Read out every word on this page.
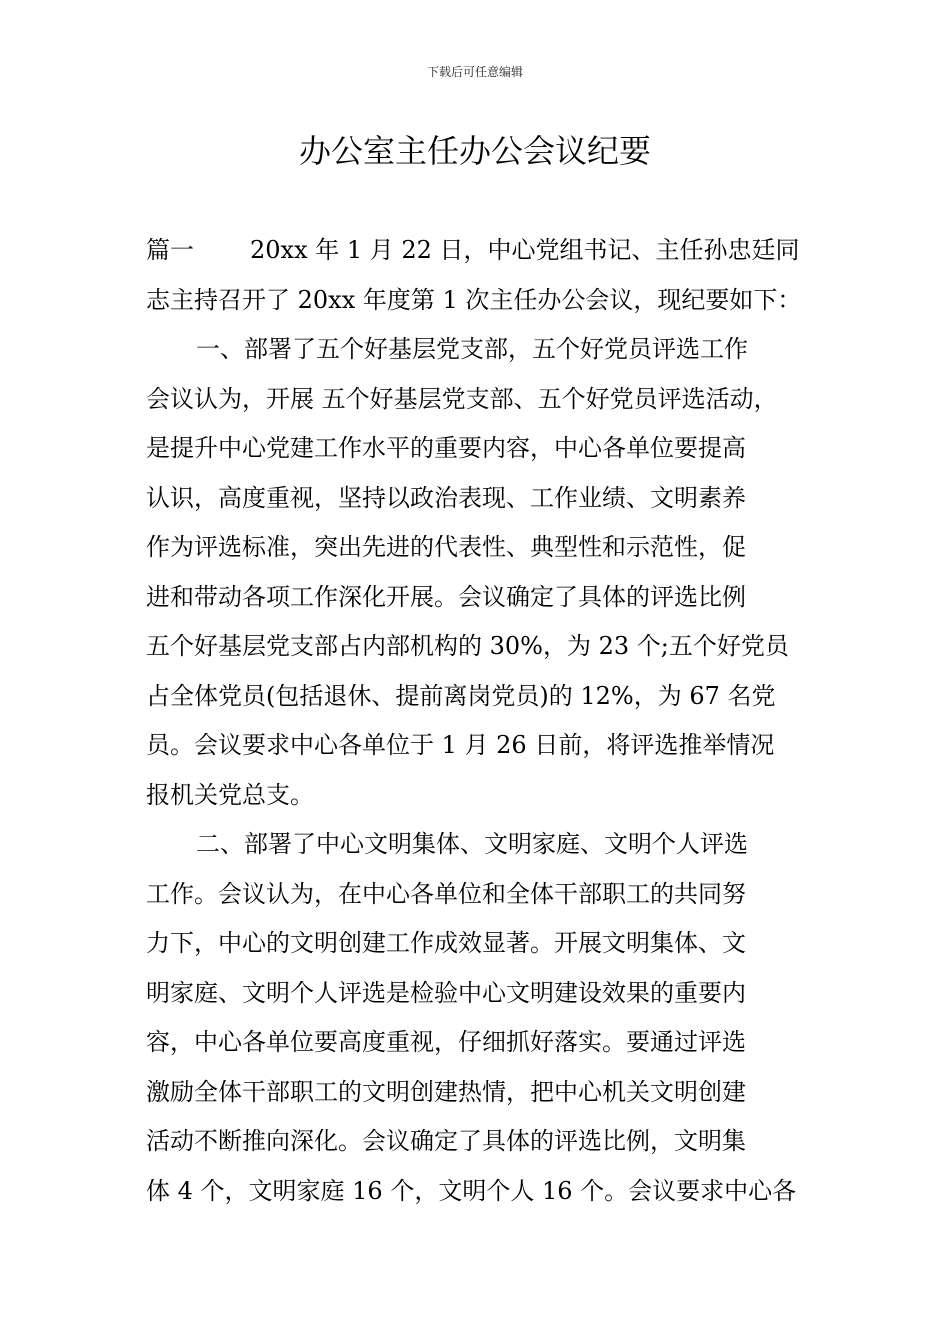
下载后可任意编辑
办公室主任办公会议纪要
篇一 20xx 年 1 月 22 日，中心党组书记、主任孙忠廷同
志主持召开了 20xx 年度第 1 次主任办公会议，现纪要如下：
一、部署了五个好基层党支部，五个好党员评选工作
会议认为，开展 五个好基层党支部、五个好党员评选活动，
是提升中心党建工作水平的重要内容，中心各单位要提高
认识，高度重视，坚持以政治表现、工作业绩、文明素养
作为评选标准，突出先进的代表性、典型性和示范性，促
进和带动各项工作深化开展。会议确定了具体的评选比例
五个好基层党支部占内部机构的 30%，为 23 个;五个好党员
占全体党员(包括退休、提前离岗党员)的 12%，为 67 名党
员。会议要求中心各单位于 1 月 26 日前，将评选推举情况
报机关党总支。
二、部署了中心文明集体、文明家庭、文明个人评选
工作。会议认为，在中心各单位和全体干部职工的共同努
力下，中心的文明创建工作成效显著。开展文明集体、文
明家庭、文明个人评选是检验中心文明建设效果的重要内
容，中心各单位要高度重视，仔细抓好落实。要通过评选
激励全体干部职工的文明创建热情，把中心机关文明创建
活动不断推向深化。会议确定了具体的评选比例，文明集
体 4 个，文明家庭 16 个，文明个人 16 个。会议要求中心各
